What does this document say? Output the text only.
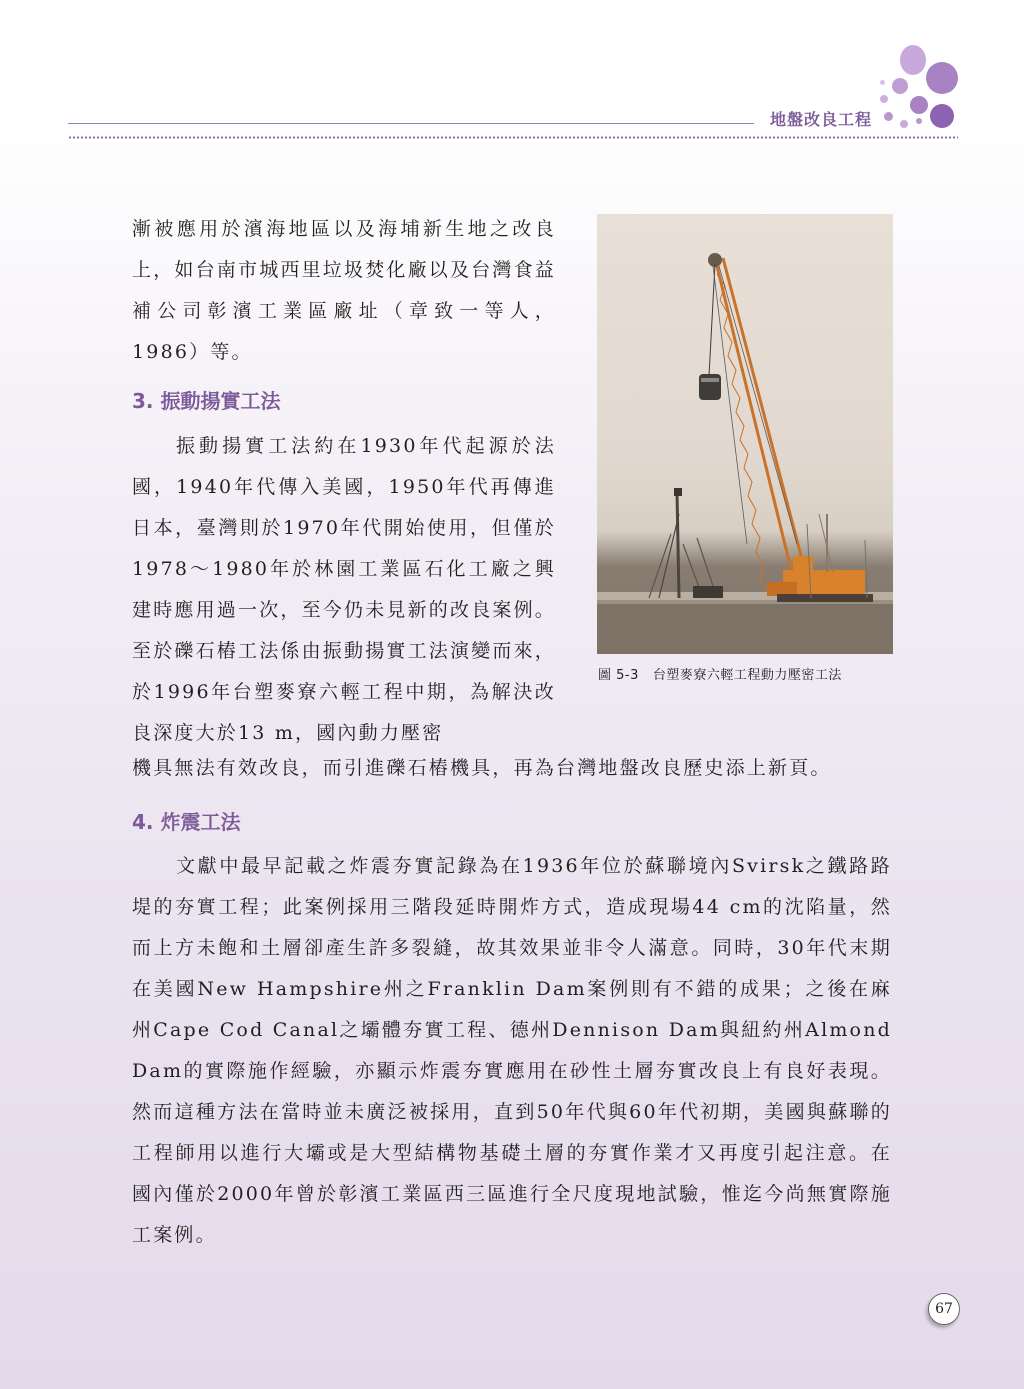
地盤改良工程

漸被應用於濱海地區以及海埔新生地之改良上，如台南市城西里垃圾焚化廠以及台灣食益補公司彰濱工業區廠址（章致一等人，1986）等。

3. 振動揚實工法

振動揚實工法約在1930年代起源於法國，1940年代傳入美國，1950年代再傳進日本，臺灣則於1970年代開始使用，但僅於1978～1980年於林園工業區石化工廠之興建時應用過一次，至今仍未見新的改良案例。至於礫石樁工法係由振動揚實工法演變而來，於1996年台塑麥寮六輕工程中期，為解決改良深度大於13 m，國內動力壓密

機具無法有效改良，而引進礫石樁機具，再為台灣地盤改良歷史添上新頁。

圖 5-3 台塑麥寮六輕工程動力壓密工法
4. 炸震工法

文獻中最早記載之炸震夯實記錄為在1936年位於蘇聯境內Svirsk之鐵路路堤的夯實工程；此案例採用三階段延時開炸方式，造成現場44 cm的沈陷量，然而上方未飽和土層卻產生許多裂縫，故其效果並非令人滿意。同時，30年代末期在美國New Hampshire州之Franklin Dam案例則有不錯的成果；之後在麻州Cape Cod Canal之壩體夯實工程、德州Dennison Dam與紐約州Almond Dam的實際施作經驗，亦顯示炸震夯實應用在砂性土層夯實改良上有良好表現。然而這種方法在當時並未廣泛被採用，直到50年代與60年代初期，美國與蘇聯的工程師用以進行大壩或是大型結構物基礎土層的夯實作業才又再度引起注意。在國內僅於2000年曾於彰濱工業區西三區進行全尺度現地試驗，惟迄今尚無實際施工案例。

67
